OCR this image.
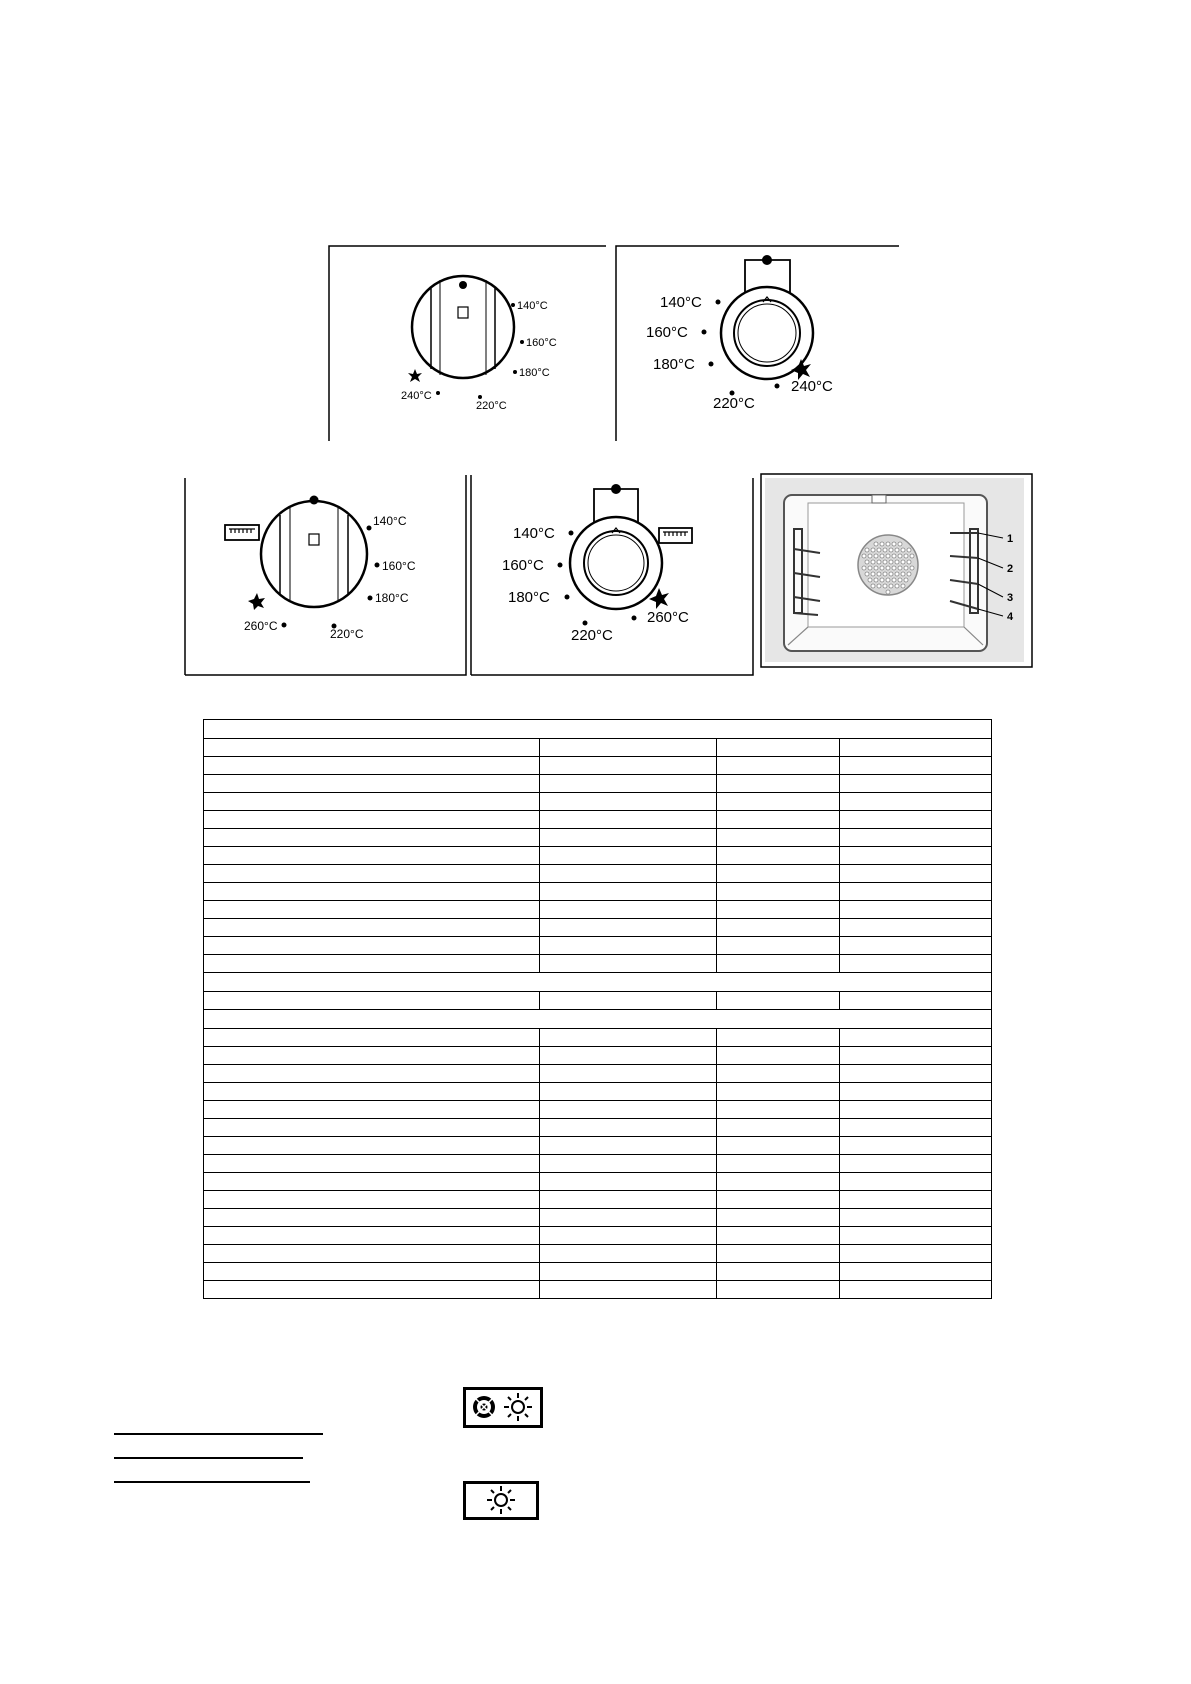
140°C
160°C
180°C
220°C
240°C
140°C
160°C
180°C
220°C
240°C
140°C
160°C
180°C
220°C
260°C
140°C
160°C
180°C
220°C
260°C
1
2
3
4
